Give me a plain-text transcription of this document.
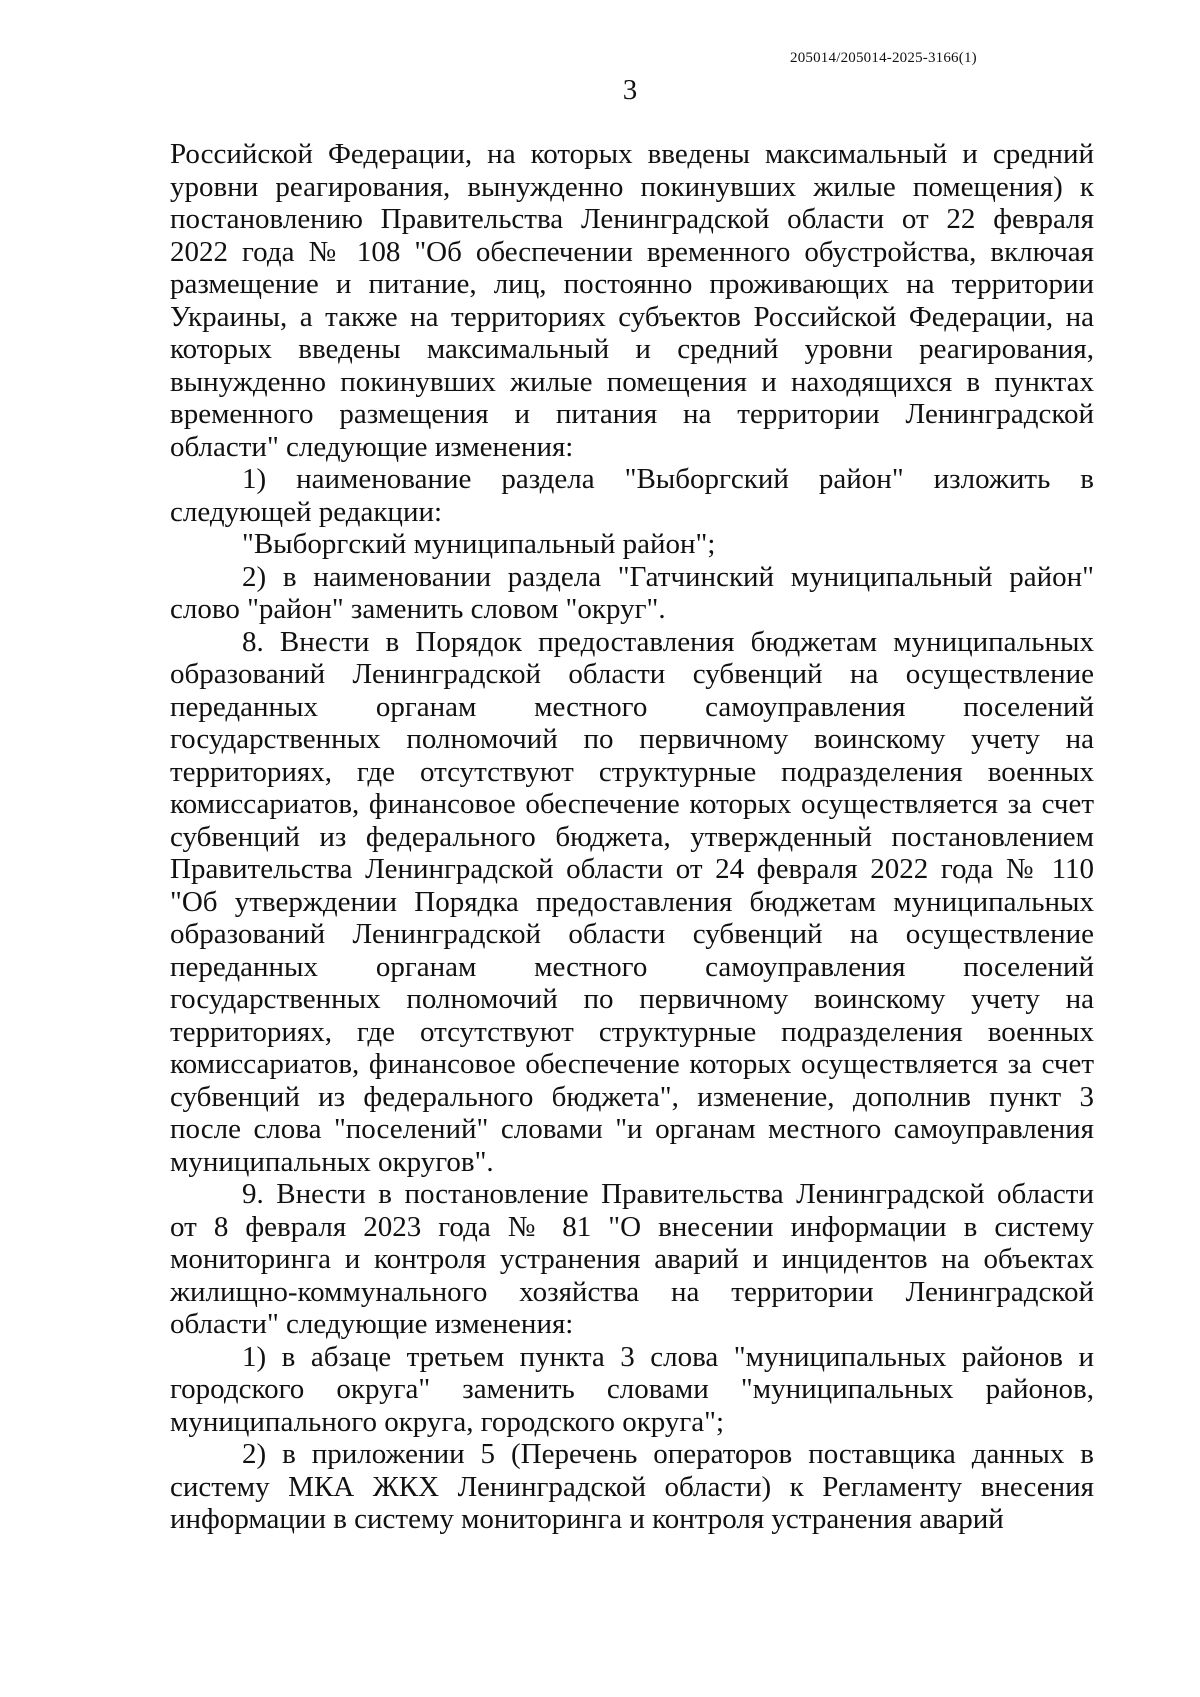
205014/205014-2025-3166(1)
3

Российской Федерации, на которых введены максимальный и средний уровни реагирования, вынужденно покинувших жилые помещения) к постановлению Правительства Ленинградской области от 22 февраля 2022 года № 108 "Об обеспечении временного обустройства, включая размещение и питание, лиц, постоянно проживающих на территории Украины, а также на территориях субъектов Российской Федерации, на которых введены максимальный и средний уровни реагирования, вынужденно покинувших жилые помещения и находящихся в пунктах временного размещения и питания на территории Ленинградской области" следующие изменения:

1) наименование раздела "Выборгский район" изложить в следующей редакции:

"Выборгский муниципальный район";

2) в наименовании раздела "Гатчинский муниципальный район" слово "район" заменить словом "округ".

8. Внести в Порядок предоставления бюджетам муниципальных образований Ленинградской области субвенций на осуществление переданных органам местного самоуправления поселений государственных полномочий по первичному воинскому учету на территориях, где отсутствуют структурные подразделения военных комиссариатов, финансовое обеспечение которых осуществляется за счет субвенций из федерального бюджета, утвержденный постановлением Правительства Ленинградской области от 24 февраля 2022 года № 110 "Об утверждении Порядка предоставления бюджетам муниципальных образований Ленинградской области субвенций на осуществление переданных органам местного самоуправления поселений государственных полномочий по первичному воинскому учету на территориях, где отсутствуют структурные подразделения военных комиссариатов, финансовое обеспечение которых осуществляется за счет субвенций из федерального бюджета", изменение, дополнив пункт 3 после слова "поселений" словами "и органам местного самоуправления муниципальных округов".

9. Внести в постановление Правительства Ленинградской области от 8 февраля 2023 года № 81 "О внесении информации в систему мониторинга и контроля устранения аварий и инцидентов на объектах жилищно-коммунального хозяйства на территории Ленинградской области" следующие изменения:

1) в абзаце третьем пункта 3 слова "муниципальных районов и городского округа" заменить словами "муниципальных районов, муниципального округа, городского округа";

2) в приложении 5 (Перечень операторов поставщика данных в систему МКА ЖКХ Ленинградской области) к Регламенту внесения информации в систему мониторинга и контроля устранения аварий
